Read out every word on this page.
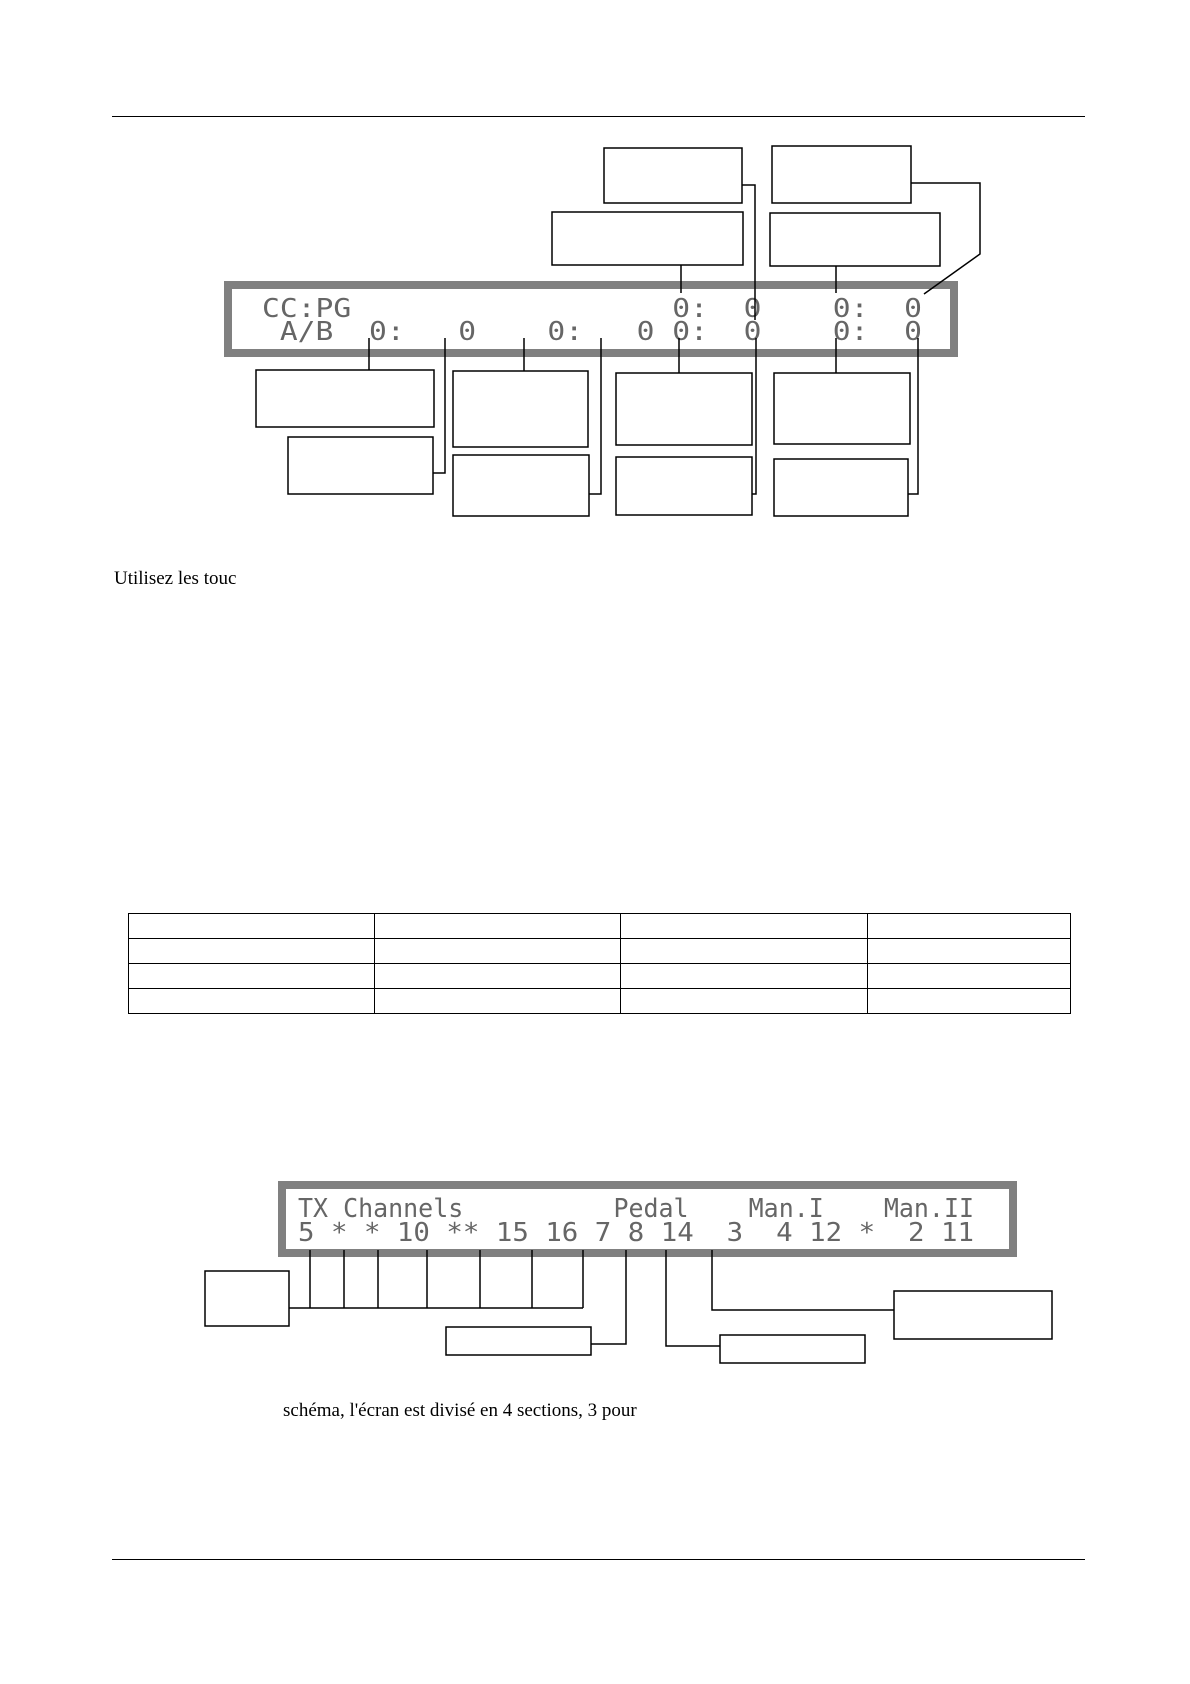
CC:PG                  0:  0    0:  0
A/B  0:   0    0:   0 0:  0    0:  0
TX Channels          Pedal    Man.I    Man.II
5 * * 10 ** 15 16 7 8 14  3  4 12 *  2 11
Utilisez les touc

schéma, l'écran est divisé en 4 sections, 3 pour
